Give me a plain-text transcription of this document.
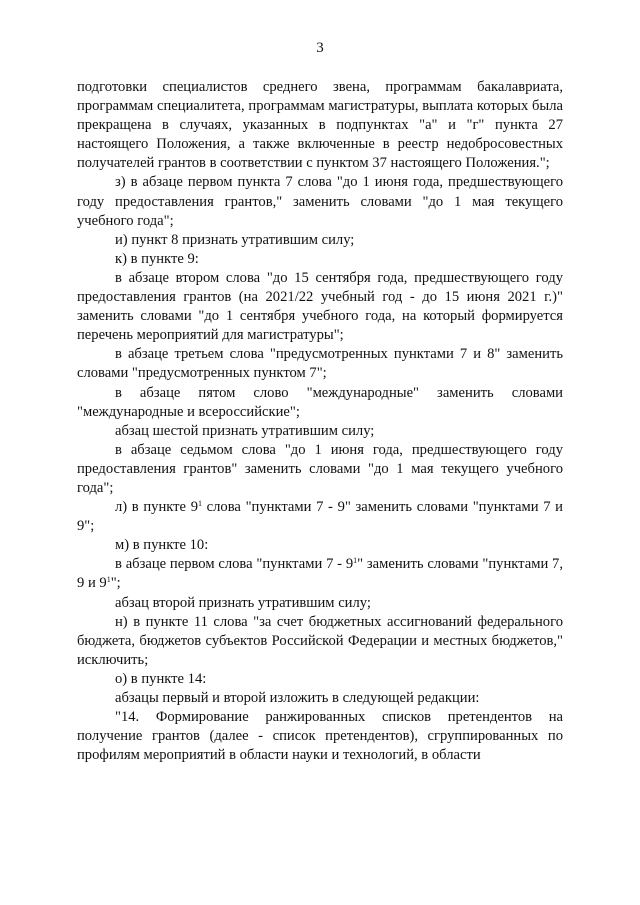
3

подготовки специалистов среднего звена, программам бакалавриата, программам специалитета, программам магистратуры, выплата которых была прекращена в случаях, указанных в подпунктах "а" и "г" пункта 27 настоящего Положения, а также включенные в реестр недобросовестных получателей грантов в соответствии с пунктом 37 настоящего Положения.";

з) в абзаце первом пункта 7 слова "до 1 июня года, предшествующего году предоставления грантов," заменить словами "до 1 мая текущего учебного года";

и) пункт 8 признать утратившим силу;

к) в пункте 9:

в абзаце втором слова "до 15 сентября года, предшествующего году предоставления грантов (на 2021/22 учебный год - до 15 июня 2021 г.)" заменить словами "до 1 сентября учебного года, на который формируется перечень мероприятий для магистратуры";

в абзаце третьем слова "предусмотренных пунктами 7 и 8" заменить словами "предусмотренных пунктом 7";

в абзаце пятом слово "международные" заменить словами "международные и всероссийские";

абзац шестой признать утратившим силу;

в абзаце седьмом слова "до 1 июня года, предшествующего году предоставления грантов" заменить словами "до 1 мая текущего учебного года";

л) в пункте $9^1$ слова "пунктами 7 - 9" заменить словами "пунктами 7 и 9";

м) в пункте 10:

в абзаце первом слова "пунктами $7 - 9^1$" заменить словами "пунктами 7, 9 и $9^1$";

абзац второй признать утратившим силу;

н) в пункте 11 слова "за счет бюджетных ассигнований федерального бюджета, бюджетов субъектов Российской Федерации и местных бюджетов," исключить;

о) в пункте 14:

абзацы первый и второй изложить в следующей редакции:

"14. Формирование ранжированных списков претендентов на получение грантов (далее - список претендентов), сгруппированных по профилям мероприятий в области науки и технологий, в области
